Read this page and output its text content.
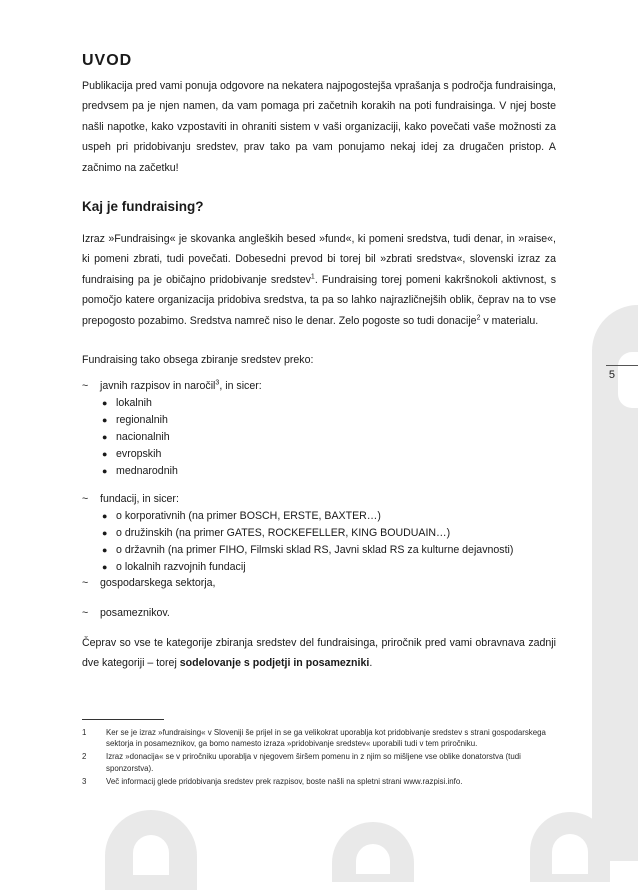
5
UVOD

Publikacija pred vami ponuja odgovore na nekatera najpogostejša vprašanja s področja fundraisinga, predvsem pa je njen namen, da vam pomaga pri začetnih korakih na poti fundraisinga. V njej boste našli napotke, kako vzpostaviti in ohraniti sistem v vaši organizaciji, kako povečati vaše možnosti za uspeh pri pridobivanju sredstev, prav tako pa vam ponujamo nekaj idej za drugačen pristop. A začnimo na začetku!

Kaj je fundraising?

Izraz »Fundraising« je skovanka angleških besed »fund«, ki pomeni sredstva, tudi denar, in »raise«, ki pomeni zbrati, tudi povečati. Dobesedni prevod bi torej bil »zbrati sredstva«, slovenski izraz za fundraising pa je običajno pridobivanje sredstev$^1$. Fundraising torej pomeni kakršnokoli aktivnost, s pomočjo katere organizacija pridobiva sredstva, ta pa so lahko najrazličnejših oblik, čeprav na to vse prepogosto pozabimo. Sredstva namreč niso le denar. Zelo pogoste so tudi donacije$^2$ v materialu.

Fundraising tako obsega zbiranje sredstev preko:

~ javnih razpisov in naročil$^3$, in sicer:
● lokalnih
● regionalnih
● nacionalnih
● evropskih
● mednarodnih
~ fundacij, in sicer:
● o korporativnih (na primer BOSCH, ERSTE, BAXTER…)
● o družinskih (na primer GATES, ROCKEFELLER, KING BOUDUAIN…)
● o državnih (na primer FIHO, Filmski sklad RS, Javni sklad RS za kulturne dejavnosti)
● o lokalnih razvojnih fundacij
~ gospodarskega sektorja,
~ posameznikov.

Čeprav so vse te kategorije zbiranja sredstev del fundraisinga, priročnik pred vami obravnava zadnji dve kategoriji – torej sodelovanje s podjetji in posamezniki.

1 Ker se je izraz »fundraising« v Sloveniji še prijel in se ga velikokrat uporablja kot pridobivanje sredstev s strani gospodarskega sektorja in posameznikov, ga bomo namesto izraza »pridobivanje sredstev« uporabili tudi v tem priročniku.
2 Izraz »donacija« se v priročniku uporablja v njegovem širšem pomenu in z njim so mišljene vse oblike donatorstva (tudi sponzorstva).
3 Več informacij glede pridobivanja sredstev prek razpisov, boste našli na spletni strani www.razpisi.info.
